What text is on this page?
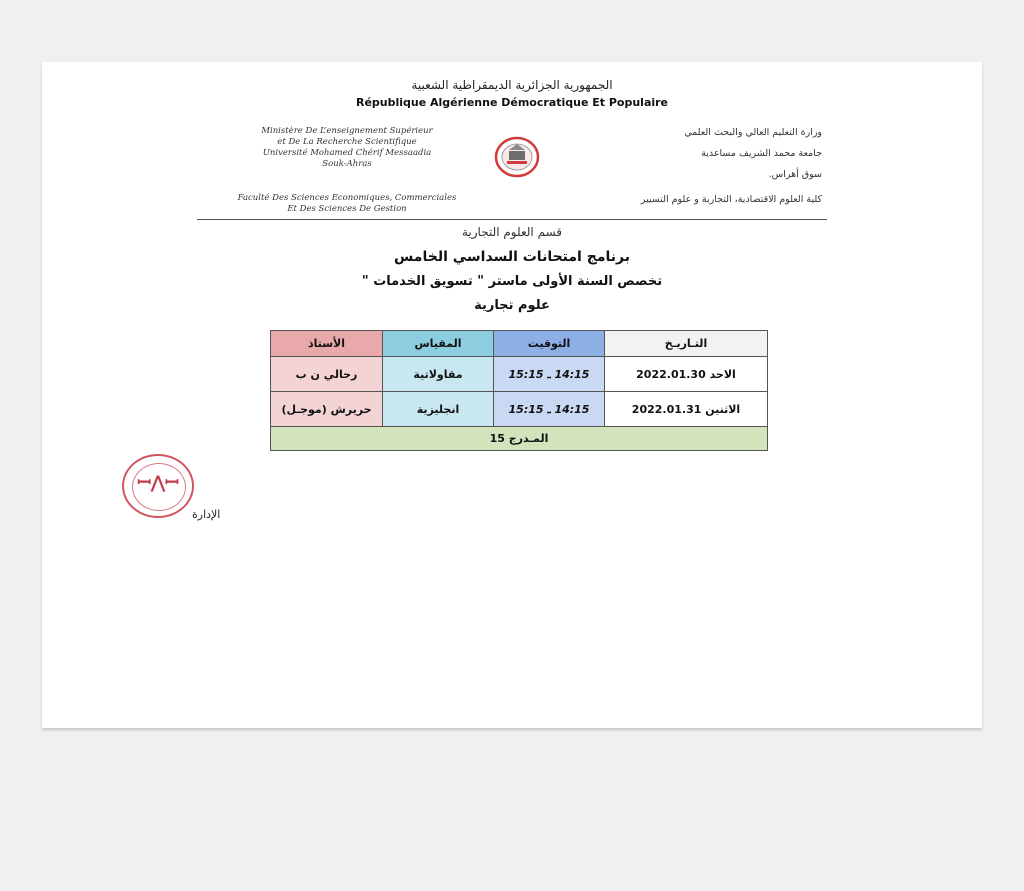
الجمهورية الجزائرية الديمقراطية الشعبية
République Algérienne Démocratique Et Populaire
Ministère De L’enseignement Supérieur
et De La Recherche Scientifique
Université Mohamed Chérif Messaadia
Souk-Ahras
وزارة التعليم العالي والبحث العلمي
جامعة محمد الشريف مساعدية
سوق أهراس.
Faculté Des Sciences Economiques, Commerciales
Et Des Sciences De Gestion
كلية العلوم الاقتصادية، التجارية و علوم التسيير
قسم العلوم التجارية
برنامج امتحانات السداسي الخامس
تخصص السنة الأولى ماستر " تسويق الخدمات "
علوم تجارية
التـاريـخ	التوقيت	المقياس	الأستاذ
الاحد 2022.01.30	14:15 ـ 15:15	مقاولاتية	رحالي ن ب
الاثنين 2022.01.31	14:15 ـ 15:15	انجليزية	حريرش (موجـل)
المـدرج 15			
ꟷ⋀ꟷ
الإدارة
